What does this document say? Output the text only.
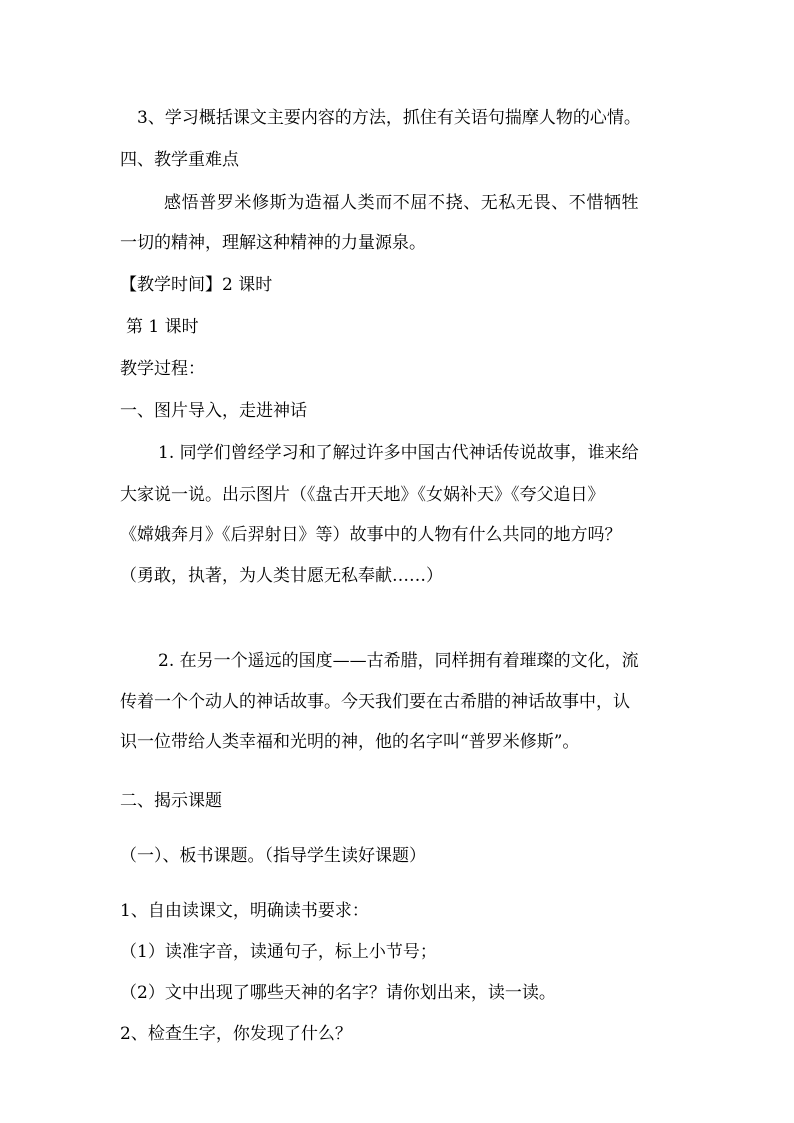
3、学习概括课文主要内容的方法，抓住有关语句揣摩人物的心情。
四、教学重难点
感悟普罗米修斯为造福人类而不屈不挠、无私无畏、不惜牺牲
一切的精神，理解这种精神的力量源泉。
【教学时间】2 课时
第 1 课时
教学过程：
一、图片导入，走进神话
1. 同学们曾经学习和了解过许多中国古代神话传说故事，谁来给
大家说一说。出示图片（《盘古开天地》《女娲补天》《夸父追日》
《嫦娥奔月》《后羿射日》等）故事中的人物有什么共同的地方吗？
（勇敢，执著，为人类甘愿无私奉献……）
2. 在另一个遥远的国度——古希腊，同样拥有着璀璨的文化，流
传着一个个动人的神话故事。今天我们要在古希腊的神话故事中，认
识一位带给人类幸福和光明的神，他的名字叫“普罗米修斯”。
二、揭示课题
（一）、板书课题。（指导学生读好课题）
1、自由读课文，明确读书要求：
（1）读准字音，读通句子，标上小节号；
（2）文中出现了哪些天神的名字？请你划出来，读一读。
2、检查生字，你发现了什么？
